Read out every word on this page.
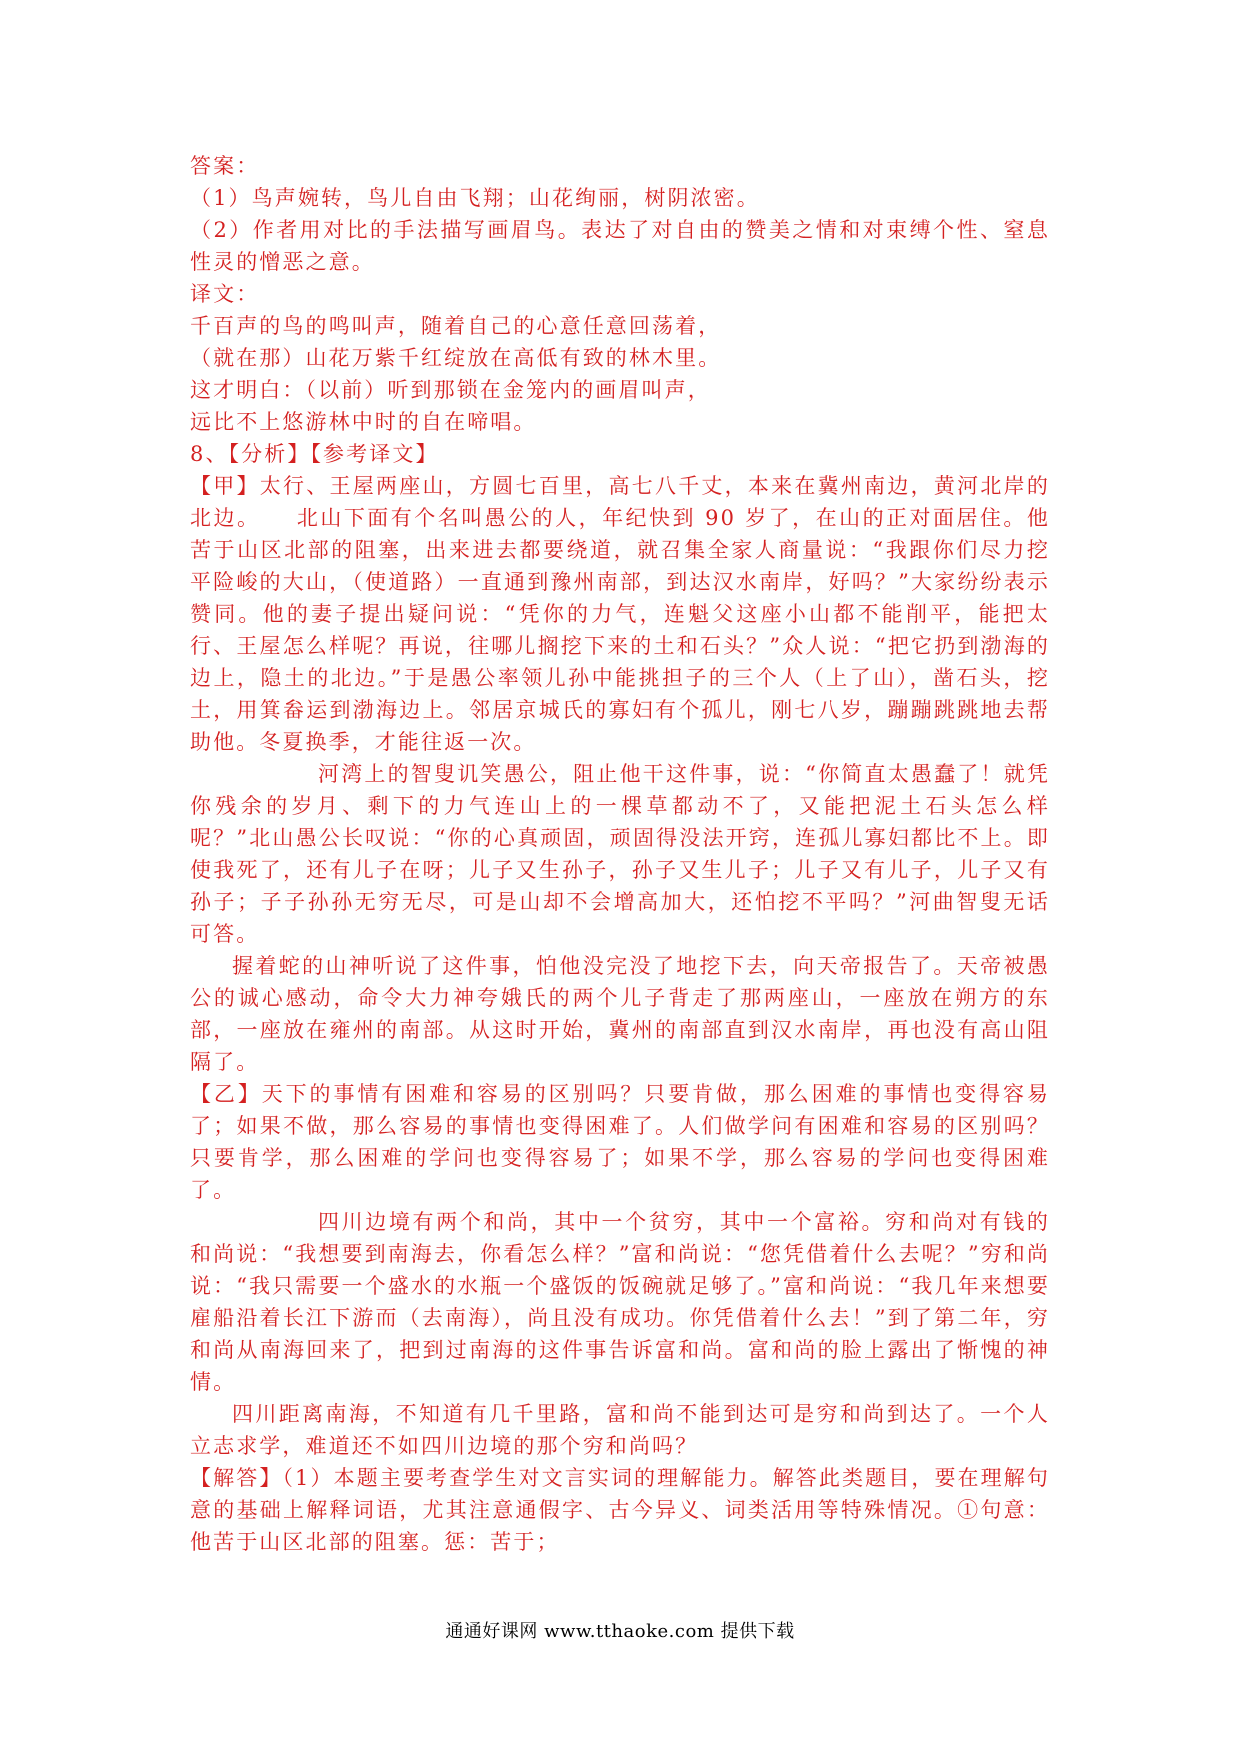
答案：
（1）鸟声婉转，鸟儿自由飞翔；山花绚丽，树阴浓密。
（2）作者用对比的手法描写画眉鸟。表达了对自由的赞美之情和对束缚个性、窒息性灵的憎恶之意。
译文：
千百声的鸟的鸣叫声，随着自己的心意任意回荡着，
（就在那）山花万紫千红绽放在高低有致的林木里。
这才明白：（以前）听到那锁在金笼内的画眉叫声，
远比不上悠游林中时的自在啼唱。
8、【分析】【参考译文】
【甲】太行、王屋两座山，方圆七百里，高七八千丈，本来在冀州南边，黄河北岸的北边。　　北山下面有个名叫愚公的人，年纪快到 90 岁了，在山的正对面居住。他苦于山区北部的阻塞，出来进去都要绕道，就召集全家人商量说：“我跟你们尽力挖平险峻的大山，（使道路）一直通到豫州南部，到达汉水南岸，好吗？”大家纷纷表示赞同。他的妻子提出疑问说：“凭你的力气，连魁父这座小山都不能削平，能把太行、王屋怎么样呢？再说，往哪儿搁挖下来的土和石头？”众人说：“把它扔到渤海的边上，隐土的北边。”于是愚公率领儿孙中能挑担子的三个人（上了山），凿石头，挖土，用箕畚运到渤海边上。邻居京城氏的寡妇有个孤儿，刚七八岁，蹦蹦跳跳地去帮助他。冬夏换季，才能往返一次。
河湾上的智叟讥笑愚公，阻止他干这件事，说：“你简直太愚蠢了！就凭你残余的岁月、剩下的力气连山上的一棵草都动不了，又能把泥土石头怎么样呢？”北山愚公长叹说：“你的心真顽固，顽固得没法开窍，连孤儿寡妇都比不上。即使我死了，还有儿子在呀；儿子又生孙子，孙子又生儿子；儿子又有儿子，儿子又有孙子；子子孙孙无穷无尽，可是山却不会增高加大，还怕挖不平吗？”河曲智叟无话可答。
握着蛇的山神听说了这件事，怕他没完没了地挖下去，向天帝报告了。天帝被愚公的诚心感动，命令大力神夸娥氏的两个儿子背走了那两座山，一座放在朔方的东部，一座放在雍州的南部。从这时开始，冀州的南部直到汉水南岸，再也没有高山阻隔了。
【乙】天下的事情有困难和容易的区别吗？只要肯做，那么困难的事情也变得容易了；如果不做，那么容易的事情也变得困难了。人们做学问有困难和容易的区别吗？只要肯学，那么困难的学问也变得容易了；如果不学，那么容易的学问也变得困难了。
四川边境有两个和尚，其中一个贫穷，其中一个富裕。穷和尚对有钱的和尚说：“我想要到南海去，你看怎么样？”富和尚说：“您凭借着什么去呢？”穷和尚说：“我只需要一个盛水的水瓶一个盛饭的饭碗就足够了。”富和尚说：“我几年来想要雇船沿着长江下游而（去南海），尚且没有成功。你凭借着什么去！”到了第二年，穷和尚从南海回来了，把到过南海的这件事告诉富和尚。富和尚的脸上露出了惭愧的神情。
四川距离南海，不知道有几千里路，富和尚不能到达可是穷和尚到达了。一个人立志求学，难道还不如四川边境的那个穷和尚吗？
【解答】（1）本题主要考查学生对文言实词的理解能力。解答此类题目，要在理解句意的基础上解释词语，尤其注意通假字、古今异义、词类活用等特殊情况。①句意：他苦于山区北部的阻塞。惩：苦于；
通通好课网 www.tthaoke.com 提供下载
